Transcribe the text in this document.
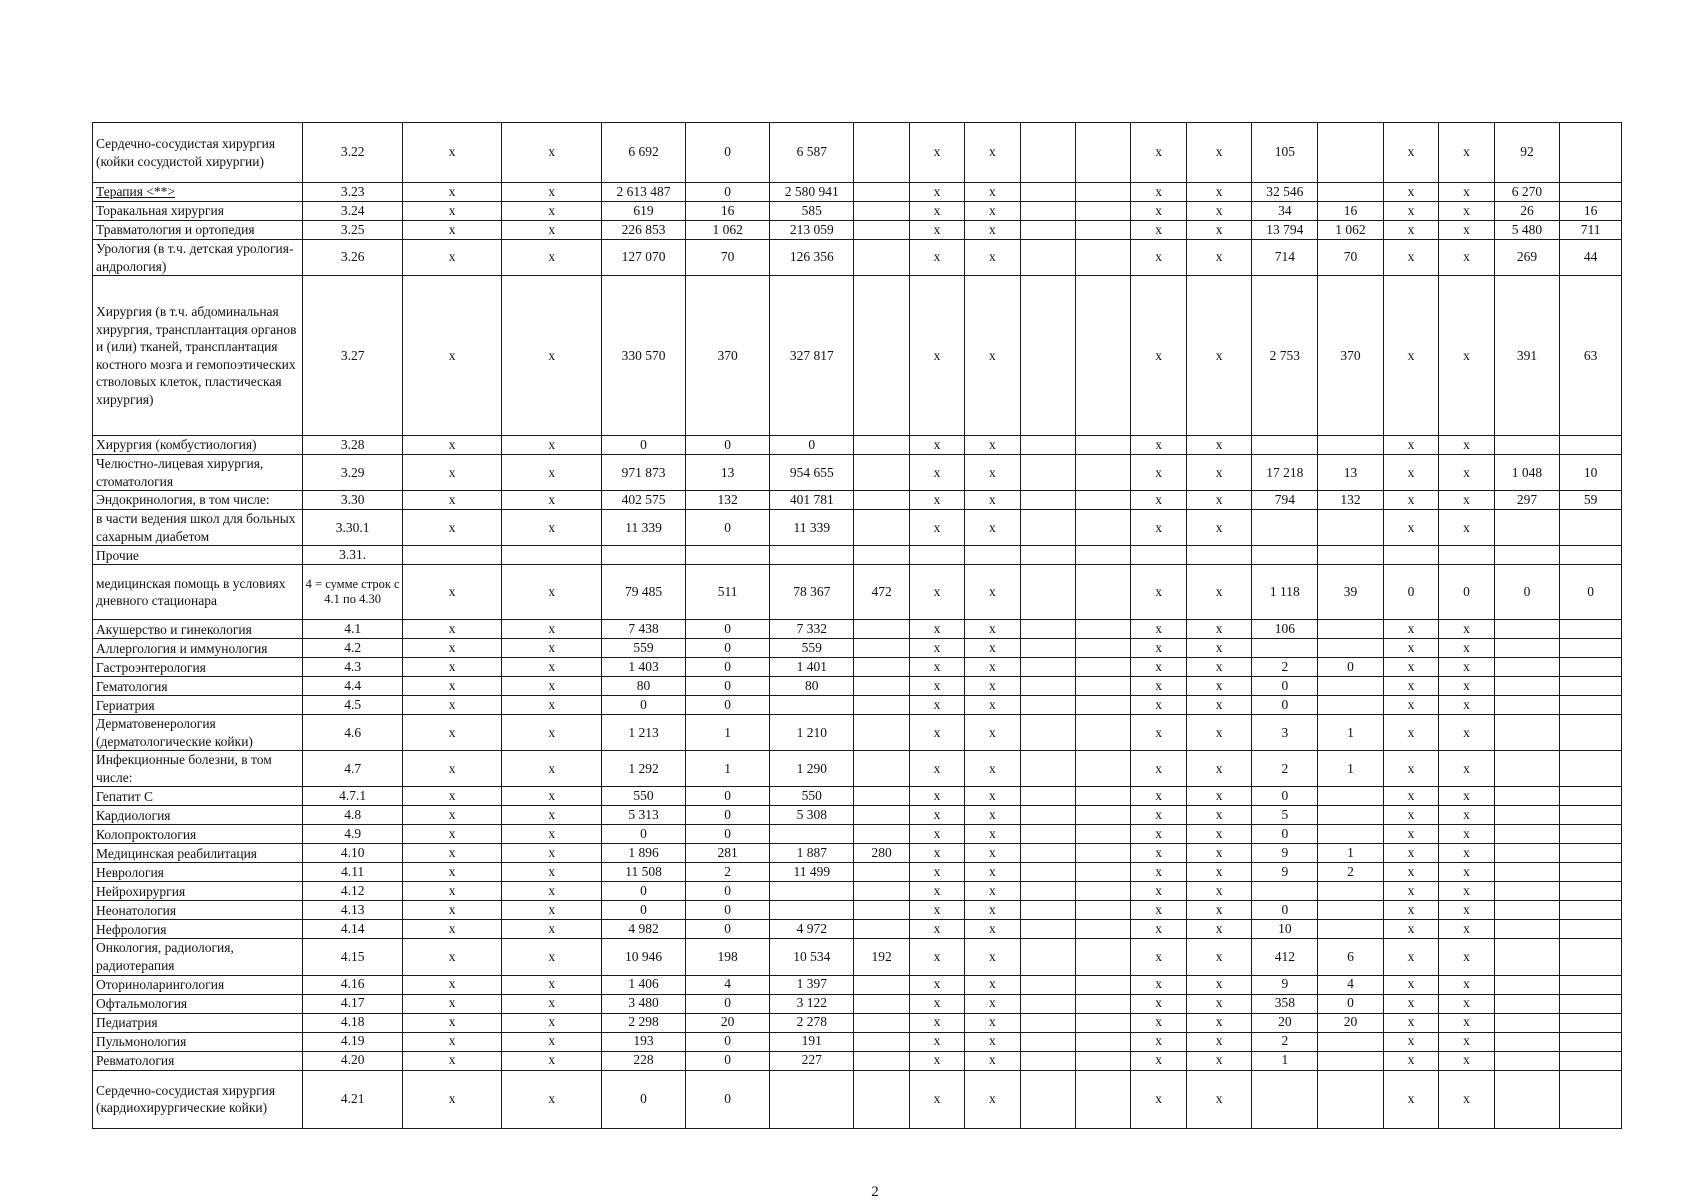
Сердечно-сосудистая хирургия (койки сосудистой хирургии)	3.22	x	x	6 692	0	6 587		x	x			x	x	105		x	x	92	
Терапия <**>	3.23	x	x	2 613 487	0	2 580 941		x	x			x	x	32 546		x	x	6 270	
Торакальная хирургия	3.24	x	x	619	16	585		x	x			x	x	34	16	x	x	26	16
Травматология и ортопедия	3.25	x	x	226 853	1 062	213 059		x	x			x	x	13 794	1 062	x	x	5 480	711
Урология (в т.ч. детская урология-андрология)	3.26	x	x	127 070	70	126 356		x	x			x	x	714	70	x	x	269	44
Хирургия (в т.ч. абдоминальная хирургия, трансплантация органов и (или) тканей, трансплантация костного мозга и гемопоэтических стволовых клеток, пластическая хирургия)	3.27	x	x	330 570	370	327 817		x	x			x	x	2 753	370	x	x	391	63
Хирургия (комбустиология)	3.28	x	x	0	0	0		x	x			x	x			x	x		
Челюстно-лицевая хирургия, стоматология	3.29	x	x	971 873	13	954 655		x	x			x	x	17 218	13	x	x	1 048	10
Эндокринология, в том числе:	3.30	x	x	402 575	132	401 781		x	x			x	x	794	132	x	x	297	59
в части ведения школ для больных сахарным диабетом	3.30.1	x	x	11 339	0	11 339		x	x			x	x			x	x		
Прочие	3.31.																		
медицинская помощь в условиях дневного стационара	4 = сумме строк с 4.1 по 4.30	x	x	79 485	511	78 367	472	x	x			x	x	1 118	39	0	0	0	0
Акушерство и гинекология	4.1	x	x	7 438	0	7 332		x	x			x	x	106		x	x		
Аллергология и иммунология	4.2	x	x	559	0	559		x	x			x	x			x	x		
Гастроэнтерология	4.3	x	x	1 403	0	1 401		x	x			x	x	2	0	x	x		
Гематология	4.4	x	x	80	0	80		x	x			x	x	0		x	x		
Гериатрия	4.5	x	x	0	0			x	x			x	x	0		x	x		
Дерматовенерология (дерматологические койки)	4.6	x	x	1 213	1	1 210		x	x			x	x	3	1	x	x		
Инфекционные болезни, в том числе:	4.7	x	x	1 292	1	1 290		x	x			x	x	2	1	x	x		
Гепатит С	4.7.1	x	x	550	0	550		x	x			x	x	0		x	x		
Кардиология	4.8	x	x	5 313	0	5 308		x	x			x	x	5		x	x		
Колопроктология	4.9	x	x	0	0			x	x			x	x	0		x	x		
Медицинская реабилитация	4.10	x	x	1 896	281	1 887	280	x	x			x	x	9	1	x	x		
Неврология	4.11	x	x	11 508	2	11 499		x	x			x	x	9	2	x	x		
Нейрохирургия	4.12	x	x	0	0			x	x			x	x			x	x		
Неонатология	4.13	x	x	0	0			x	x			x	x	0		x	x		
Нефрология	4.14	x	x	4 982	0	4 972		x	x			x	x	10		x	x		
Онкология, радиология, радиотерапия	4.15	x	x	10 946	198	10 534	192	x	x			x	x	412	6	x	x		
Оториноларингология	4.16	x	x	1 406	4	1 397		x	x			x	x	9	4	x	x		
Офтальмология	4.17	x	x	3 480	0	3 122		x	x			x	x	358	0	x	x		
Педиатрия	4.18	x	x	2 298	20	2 278		x	x			x	x	20	20	x	x		
Пульмонология	4.19	x	x	193	0	191		x	x			x	x	2		x	x		
Ревматология	4.20	x	x	228	0	227		x	x			x	x	1		x	x		
Сердечно-сосудистая хирургия (кардиохирургические койки)	4.21	x	x	0	0			x	x			x	x			x	x		
2
